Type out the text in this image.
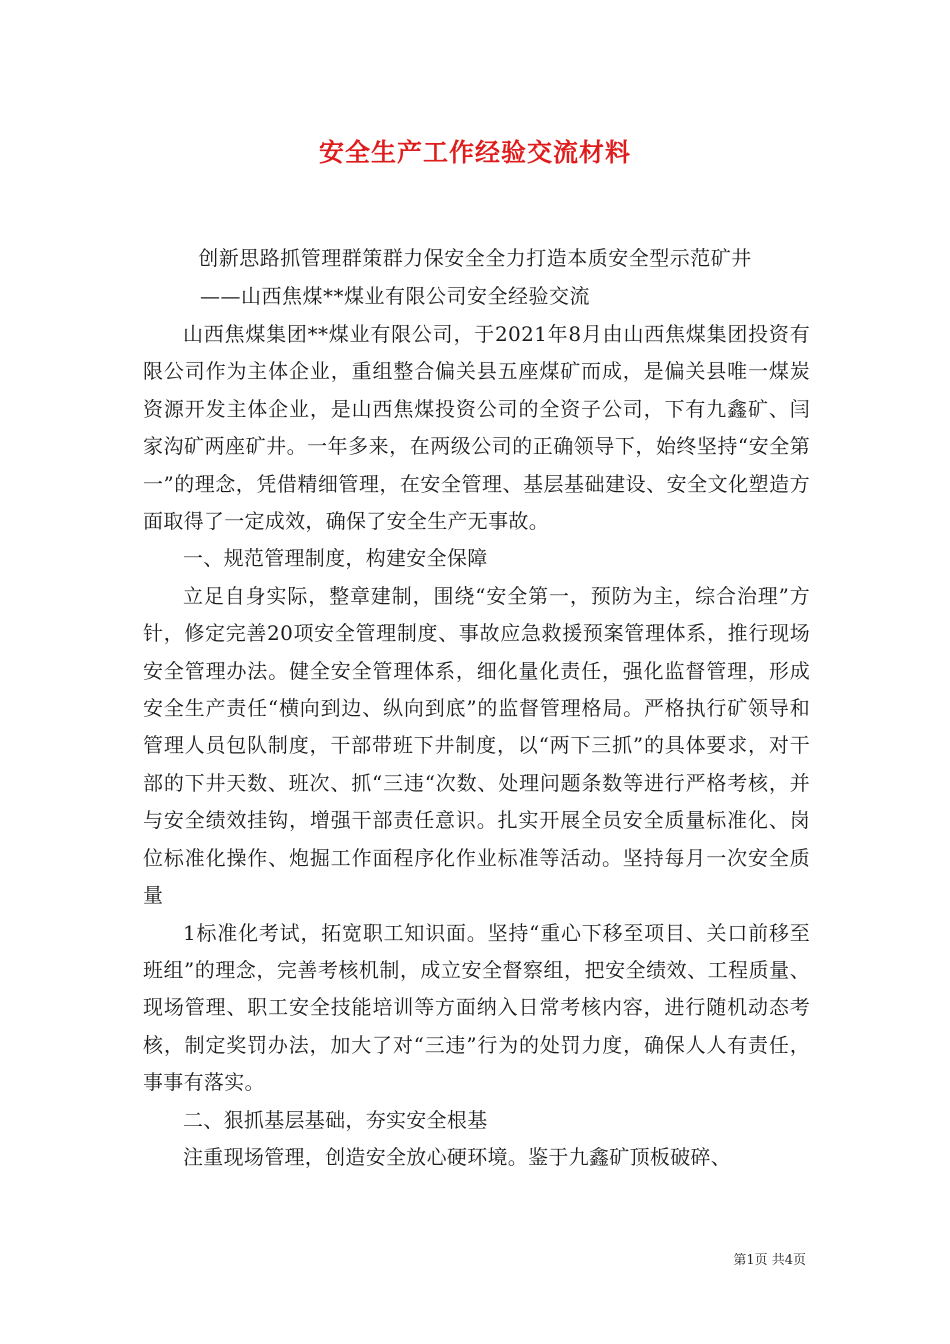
安全生产工作经验交流材料
创新思路抓管理群策群力保安全全力打造本质安全型示范矿井
——山西焦煤**煤业有限公司安全经验交流

山西焦煤集团**煤业有限公司，于2021年8月由山西焦煤集团投资有限公司作为主体企业，重组整合偏关县五座煤矿而成，是偏关县唯一煤炭资源开发主体企业，是山西焦煤投资公司的全资子公司，下有九鑫矿、闫家沟矿两座矿井。一年多来，在两级公司的正确领导下，始终坚持“安全第一”的理念，凭借精细管理，在安全管理、基层基础建设、安全文化塑造方面取得了一定成效，确保了安全生产无事故。

一、规范管理制度，构建安全保障

立足自身实际，整章建制，围绕“安全第一，预防为主，综合治理”方针，修定完善20项安全管理制度、事故应急救援预案管理体系，推行现场安全管理办法。健全安全管理体系，细化量化责任，强化监督管理，形成安全生产责任“横向到边、纵向到底”的监督管理格局。严格执行矿领导和管理人员包队制度，干部带班下井制度，以“两下三抓”的具体要求，对干部的下井天数、班次、抓“三违“次数、处理问题条数等进行严格考核，并与安全绩效挂钩，增强干部责任意识。扎实开展全员安全质量标准化、岗位标准化操作、炮掘工作面程序化作业标准等活动。坚持每月一次安全质量

1标准化考试，拓宽职工知识面。坚持“重心下移至项目、关口前移至班组”的理念，完善考核机制，成立安全督察组，把安全绩效、工程质量、现场管理、职工安全技能培训等方面纳入日常考核内容，进行随机动态考核，制定奖罚办法，加大了对“三违”行为的处罚力度，确保人人有责任，事事有落实。

二、狠抓基层基础，夯实安全根基

注重现场管理，创造安全放心硬环境。鉴于九鑫矿顶板破碎、

第1页 共4页
